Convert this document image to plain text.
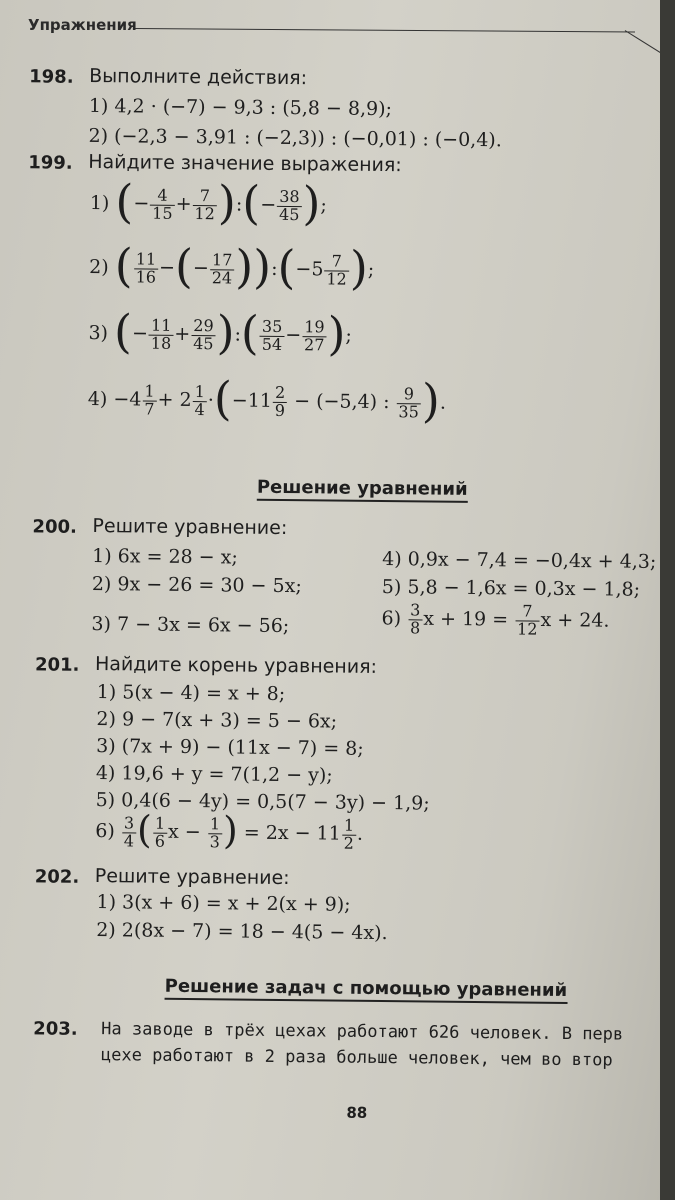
Упражнения
198. Выполните действия:
1) 4,2 · (−7) − 9,3 : (5,8 − 8,9);
2) (−2,3 − 3,91 : (−2,3)) : (−0,01) : (−0,4).
199. Найдите значение выражения:
1) (− $\frac{4}{15} + \frac{7}{12}$ ):(− $\frac{38}{45}$ );
2) ( $\frac{11}{16}$ −(− $\frac{17}{24}$ )):(−5 $\frac{7}{12}$ );
3) (− $\frac{11}{18} + \frac{29}{45}$ ):( $\frac{35}{54} - \frac{19}{27}$ );
$4) -4 \frac{1}{7} + 2 \frac{1}{4} \cdot(-11 \frac{2}{9} - (-5,4)$ : $\frac{9}{35}$ ).
Решение уравнений
200. Решите уравнение:
1) 6x = 28 − x;
2) 9x − 26 = 30 − 5x;
3) 7 − 3x = 6x − 56;
4) 0,9x − 7,4 = −0,4x + 4,3;
5) 5,8 − 1,6x = 0,3x − 1,8;
$6) \frac{3}{8}$ $x + 19 = \frac{7}{12}$ x + 24.
201. Найдите корень уравнения:
1) 5(x − 4) = x + 8;
2) 9 − 7(x + 3) = 5 − 6x;
3) (7x + 9) − (11x − 7) = 8;
4) 19,6 + y = 7(1,2 − y);
5) 0,4(6 − 4y) = 0,5(7 − 3y) − 1,9;
$6) \frac{3}{4}$ ( $\frac{1}{6}$ $x - \frac{1}{3}$ ) = $2x - 11 \frac{1}{2}$ .
202. Решите уравнение:
1) 3(x + 6) = x + 2(x + 9);
2) 2(8x − 7) = 18 − 4(5 − 4x).
Решение задач с помощью уравнений
203. На заводе в трёх цехах работают 626 человек. В перв
цехе работают в 2 раза больше человек, чем во втор
88
